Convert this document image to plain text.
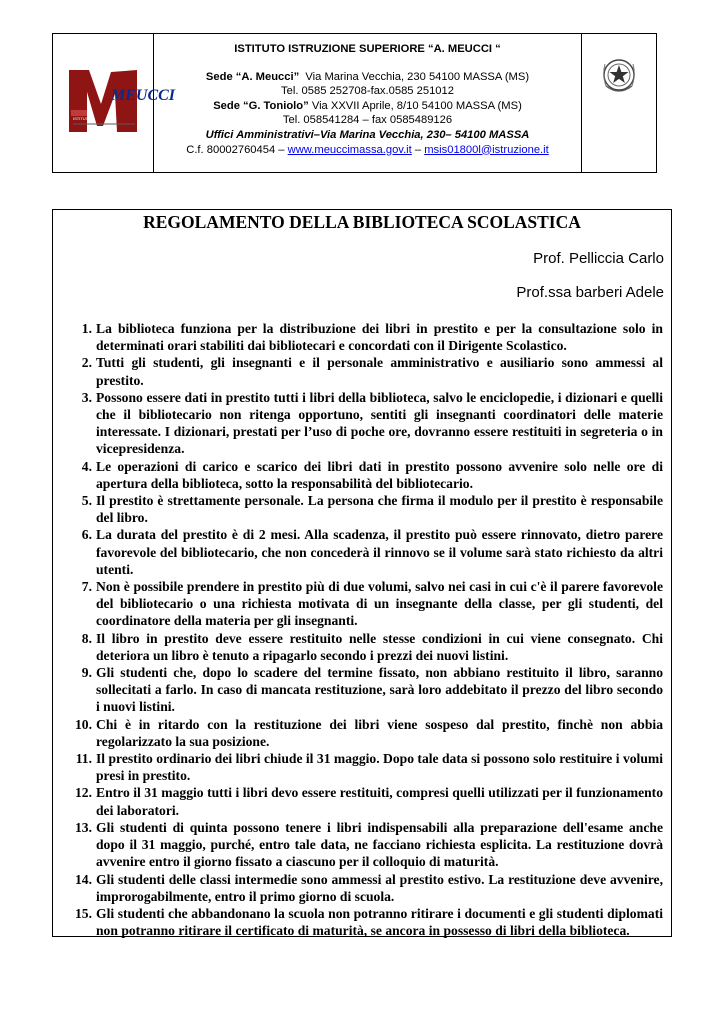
ISTITUTO
MEUCCI
ISTITUTO ISTRUZIONE SUPERIORE “A. MEUCCI “
Sede “A. Meucci” Via Marina Vecchia, 230 54100 MASSA (MS)
Tel. 0585 252708-fax.0585 251012
Sede “G. Toniolo” Via XXVII Aprile, 8/10 54100 MASSA (MS)
Tel. 058541284 – fax 0585489126
Uffici Amministrativi–Via Marina Vecchia, 230– 54100 MASSA
C.f. 80002760454 – www.meuccimassa.gov.it – msis01800l@istruzione.it
REGOLAMENTO DELLA BIBLIOTECA SCOLASTICA
Prof. Pelliccia Carlo
Prof.ssa barberi Adele
1. La biblioteca funziona per la distribuzione dei libri in prestito e per la consultazione solo in determinati orari stabiliti dai bibliotecari e concordati con il Dirigente Scolastico.
2. Tutti gli studenti, gli insegnanti e il personale amministrativo e ausiliario sono ammessi al prestito.
3. Possono essere dati in prestito tutti i libri della biblioteca, salvo le enciclopedie, i dizionari e quelli che il bibliotecario non ritenga opportuno, sentiti gli insegnanti coordinatori delle materie interessate. I dizionari, prestati per l’uso di poche ore, dovranno essere restituiti in segreteria o in vicepresidenza.
4. Le operazioni di carico e scarico dei libri dati in prestito possono avvenire solo nelle ore di apertura della biblioteca, sotto la responsabilità del bibliotecario.
5. Il prestito è strettamente personale. La persona che firma il modulo per il prestito è responsabile del libro.
6. La durata del prestito è di 2 mesi. Alla scadenza, il prestito può essere rinnovato, dietro parere favorevole del bibliotecario, che non concederà il rinnovo se il volume sarà stato richiesto da altri utenti.
7. Non è possibile prendere in prestito più di due volumi, salvo nei casi in cui c'è il parere favorevole del bibliotecario o una richiesta motivata di un insegnante della classe, per gli studenti, del coordinatore della materia per gli insegnanti.
8. Il libro in prestito deve essere restituito nelle stesse condizioni in cui viene consegnato. Chi deteriora un libro è tenuto a ripagarlo secondo i prezzi dei nuovi listini.
9. Gli studenti che, dopo lo scadere del termine fissato, non abbiano restituito il libro, saranno sollecitati a farlo. In caso di mancata restituzione, sarà loro addebitato il prezzo del libro secondo i nuovi listini.
10. Chi è in ritardo con la restituzione dei libri viene sospeso dal prestito, finchè non abbia regolarizzato la sua posizione.
11. Il prestito ordinario dei libri chiude il 31 maggio. Dopo tale data si possono solo restituire i volumi presi in prestito.
12. Entro il 31 maggio tutti i libri devo essere restituiti, compresi quelli utilizzati per il funzionamento dei laboratori.
13. Gli studenti di quinta possono tenere i libri indispensabili alla preparazione dell'esame anche dopo il 31 maggio, purché, entro tale data, ne facciano richiesta esplicita. La restituzione dovrà avvenire entro il giorno fissato a ciascuno per il colloquio di maturità.
14. Gli studenti delle classi intermedie sono ammessi al prestito estivo. La restituzione deve avvenire, improrogabilmente, entro il primo giorno di scuola.
15. Gli studenti che abbandonano la scuola non potranno ritirare i documenti e gli studenti diplomati non potranno ritirare il certificato di maturità, se ancora in possesso di libri della biblioteca.
